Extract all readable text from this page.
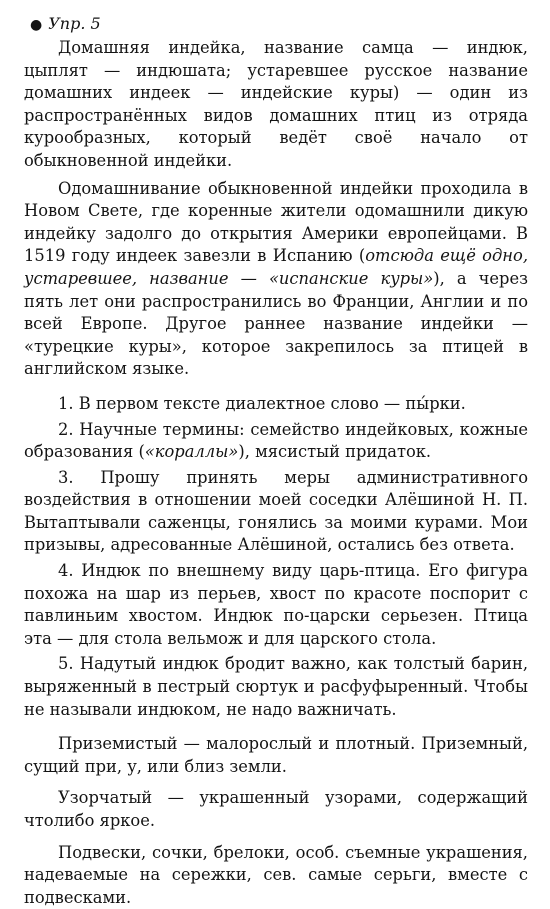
● Упр. 5

Домашняя индейка, название самца — индюк, цыплят — индюшата; устаревшее русское название домашних индеек — индейские куры) — один из распространённых видов домашних птиц из отряда курообразных, который ведёт своё начало от обыкновенной индейки.

Одомашнивание обыкновенной индейки проходила в Новом Свете, где коренные жители одомашнили дикую индейку задолго до открытия Америки европейцами. В 1519 году индеек завезли в Испанию (отсюда ещё одно, устаревшее, название — «испанские куры»), а через пять лет они распространились во Франции, Англии и по всей Европе. Другое раннее название индейки — «турецкие куры», которое закрепилось за птицей в английском языке.

1. В первом тексте диалектное слово — пы́рки.

2. Научные термины: семейство индейковых, кожные образования («кораллы»), мясистый придаток.

3. Прошу принять меры административного воздействия в отношении моей соседки Алёшиной Н. П. Вытаптывали саженцы, гонялись за моими курами. Мои призывы, адресованные Алёшиной, остались без ответа.

4. Индюк по внешнему виду царь-птица. Его фигура похожа на шар из перьев, хвост по красоте поспорит с павлиньим хвостом. Индюк по-царски серьезен. Птица эта — для стола вельмож и для царского стола.

5. Надутый индюк бродит важно, как толстый барин, выряженный в пестрый сюртук и расфуфыренный. Чтобы не называли индюком, не надо важничать.

Приземистый — малорослый и плотный. Приземный, сущий при, у, или близ земли.

Узорчатый — украшенный узорами, содержащий чтолибо яркое.

Подвески, сочки, брелоки, особ. съемные украшения, надеваемые на сережки, сев. самые серьги, вместе с подвесками.
